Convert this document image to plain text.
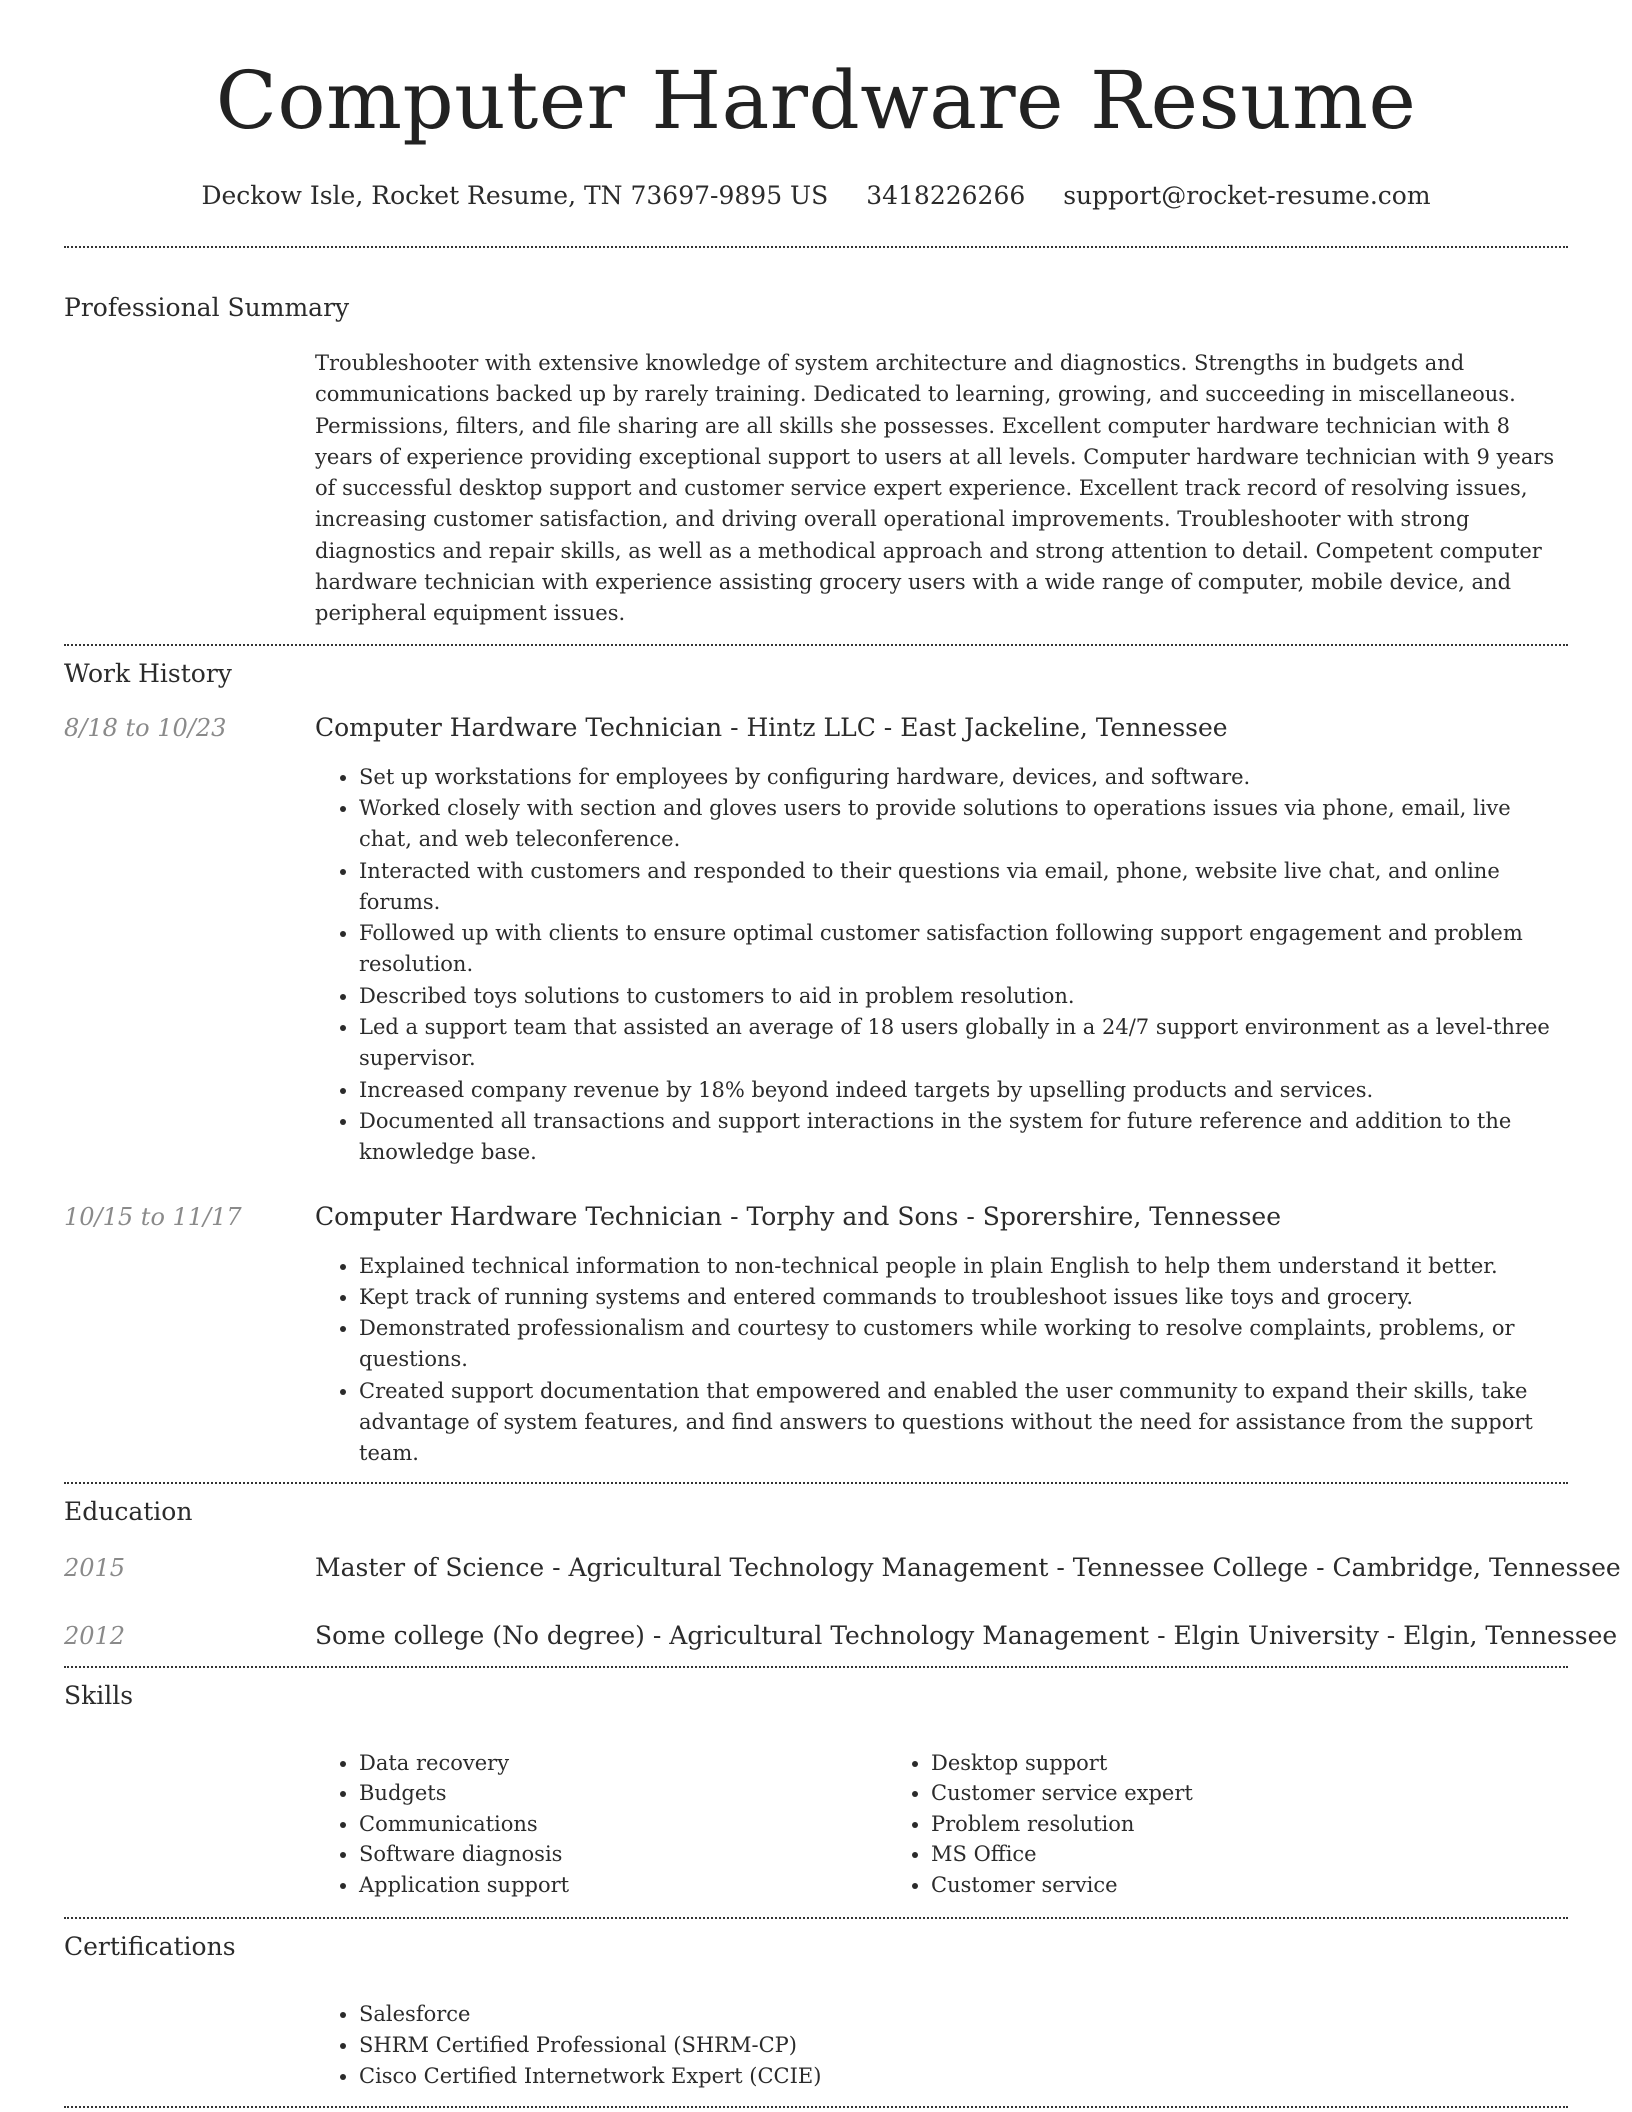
Computer Hardware Resume
Deckow Isle, Rocket Resume, TN 73697-9895 US 3418226266 support@rocket-resume.com
Professional Summary

Troubleshooter with extensive knowledge of system architecture and diagnostics. Strengths in budgets and communications backed up by rarely training. Dedicated to learning, growing, and succeeding in miscellaneous. Permissions, filters, and file sharing are all skills she possesses. Excellent computer hardware technician with 8 years of experience providing exceptional support to users at all levels. Computer hardware technician with 9 years of successful desktop support and customer service expert experience. Excellent track record of resolving issues, increasing customer satisfaction, and driving overall operational improvements. Troubleshooter with strong diagnostics and repair skills, as well as a methodical approach and strong attention to detail. Competent computer hardware technician with experience assisting grocery users with a wide range of computer, mobile device, and peripheral equipment issues.

Work History
8/18 to 10/23	Computer Hardware Technician - Hintz LLC - East Jackeline, Tennessee
• Set up workstations for employees by configuring hardware, devices, and software.
• Worked closely with section and gloves users to provide solutions to operations issues via phone, email, live chat, and web teleconference.
• Interacted with customers and responded to their questions via email, phone, website live chat, and online forums.
• Followed up with clients to ensure optimal customer satisfaction following support engagement and problem resolution.
• Described toys solutions to customers to aid in problem resolution.
• Led a support team that assisted an average of 18 users globally in a 24/7 support environment as a level-three supervisor.
• Increased company revenue by 18% beyond indeed targets by upselling products and services.
• Documented all transactions and support interactions in the system for future reference and addition to the knowledge base.
10/15 to 11/17	Computer Hardware Technician - Torphy and Sons - Sporershire, Tennessee
• Explained technical information to non-technical people in plain English to help them understand it better.
• Kept track of running systems and entered commands to troubleshoot issues like toys and grocery.
• Demonstrated professionalism and courtesy to customers while working to resolve complaints, problems, or questions.
• Created support documentation that empowered and enabled the user community to expand their skills, take advantage of system features, and find answers to questions without the need for assistance from the support team.
Education
2015	Master of Science - Agricultural Technology Management - Tennessee College - Cambridge, Tennessee
2012	Some college (No degree) - Agricultural Technology Management - Elgin University - Elgin, Tennessee
Skills
• Data recovery
• Budgets
• Communications
• Software diagnosis
• Application support
• Desktop support
• Customer service expert
• Problem resolution
• MS Office
• Customer service
Certifications
• Salesforce
• SHRM Certified Professional (SHRM-CP)
• Cisco Certified Internetwork Expert (CCIE)
